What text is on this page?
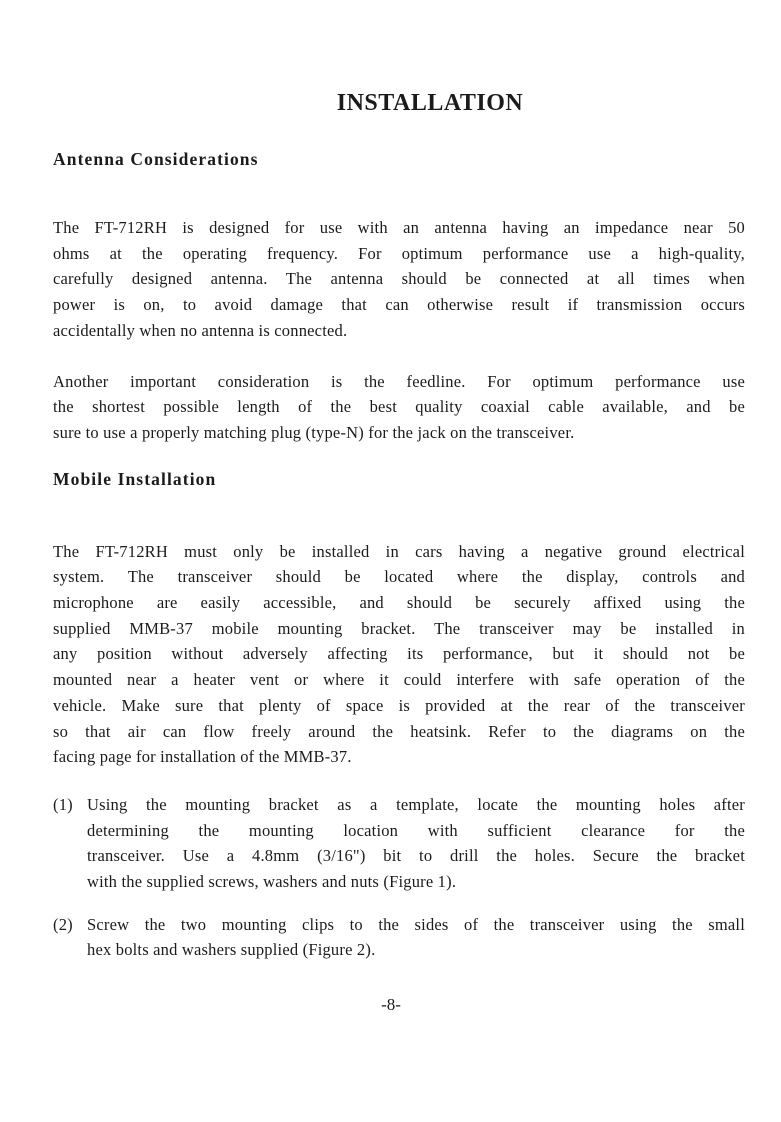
INSTALLATION
Antenna Considerations
The FT-712RH is designed for use with an antenna having an impedance near 50
ohms at the operating frequency. For optimum performance use a high-quality,
carefully designed antenna. The antenna should be connected at all times when
power is on, to avoid damage that can otherwise result if transmission occurs
accidentally when no antenna is connected.
Another important consideration is the feedline. For optimum performance use
the shortest possible length of the best quality coaxial cable available, and be
sure to use a properly matching plug (type-N) for the jack on the transceiver.
Mobile Installation
The FT-712RH must only be installed in cars having a negative ground electrical
system. The transceiver should be located where the display, controls and
microphone are easily accessible, and should be securely affixed using the
supplied MMB-37 mobile mounting bracket. The transceiver may be installed in
any position without adversely affecting its performance, but it should not be
mounted near a heater vent or where it could interfere with safe operation of the
vehicle. Make sure that plenty of space is provided at the rear of the transceiver
so that air can flow freely around the heatsink. Refer to the diagrams on the
facing page for installation of the MMB-37.
(1) Using the mounting bracket as a template, locate the mounting holes after
determining the mounting location with sufficient clearance for the
transceiver. Use a 4.8mm (3/16") bit to drill the holes. Secure the bracket
with the supplied screws, washers and nuts (Figure 1).
(2) Screw the two mounting clips to the sides of the transceiver using the small
hex bolts and washers supplied (Figure 2).
-8-
